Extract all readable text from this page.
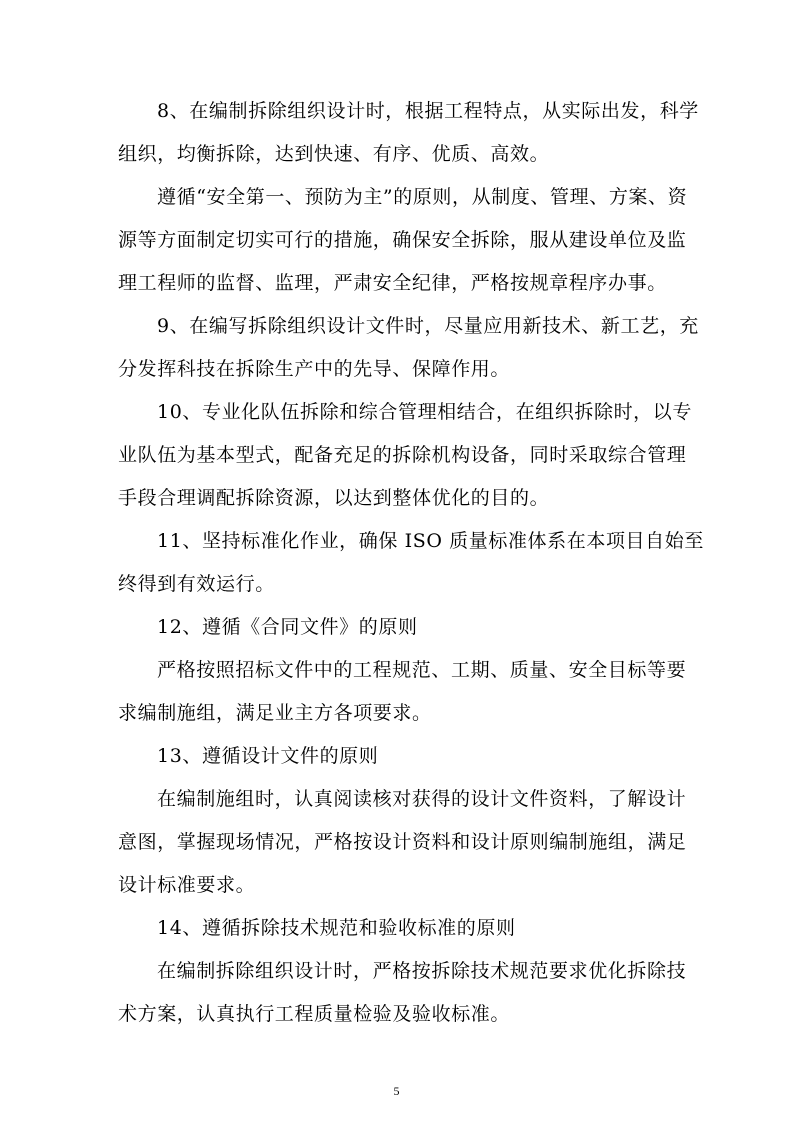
8、在编制拆除组织设计时，根据工程特点，从实际出发，科学
组织，均衡拆除，达到快速、有序、优质、高效。
遵循“安全第一、预防为主”的原则，从制度、管理、方案、资
源等方面制定切实可行的措施，确保安全拆除，服从建设单位及监
理工程师的监督、监理，严肃安全纪律，严格按规章程序办事。
9、在编写拆除组织设计文件时，尽量应用新技术、新工艺，充
分发挥科技在拆除生产中的先导、保障作用。
10、专业化队伍拆除和综合管理相结合，在组织拆除时，以专
业队伍为基本型式，配备充足的拆除机构设备，同时采取综合管理
手段合理调配拆除资源，以达到整体优化的目的。
11、坚持标准化作业，确保 ISO 质量标准体系在本项目自始至
终得到有效运行。
12、遵循《合同文件》的原则
严格按照招标文件中的工程规范、工期、质量、安全目标等要
求编制施组，满足业主方各项要求。
13、遵循设计文件的原则
在编制施组时，认真阅读核对获得的设计文件资料，了解设计
意图，掌握现场情况，严格按设计资料和设计原则编制施组，满足
设计标准要求。
14、遵循拆除技术规范和验收标准的原则
在编制拆除组织设计时，严格按拆除技术规范要求优化拆除技
术方案，认真执行工程质量检验及验收标准。
5
